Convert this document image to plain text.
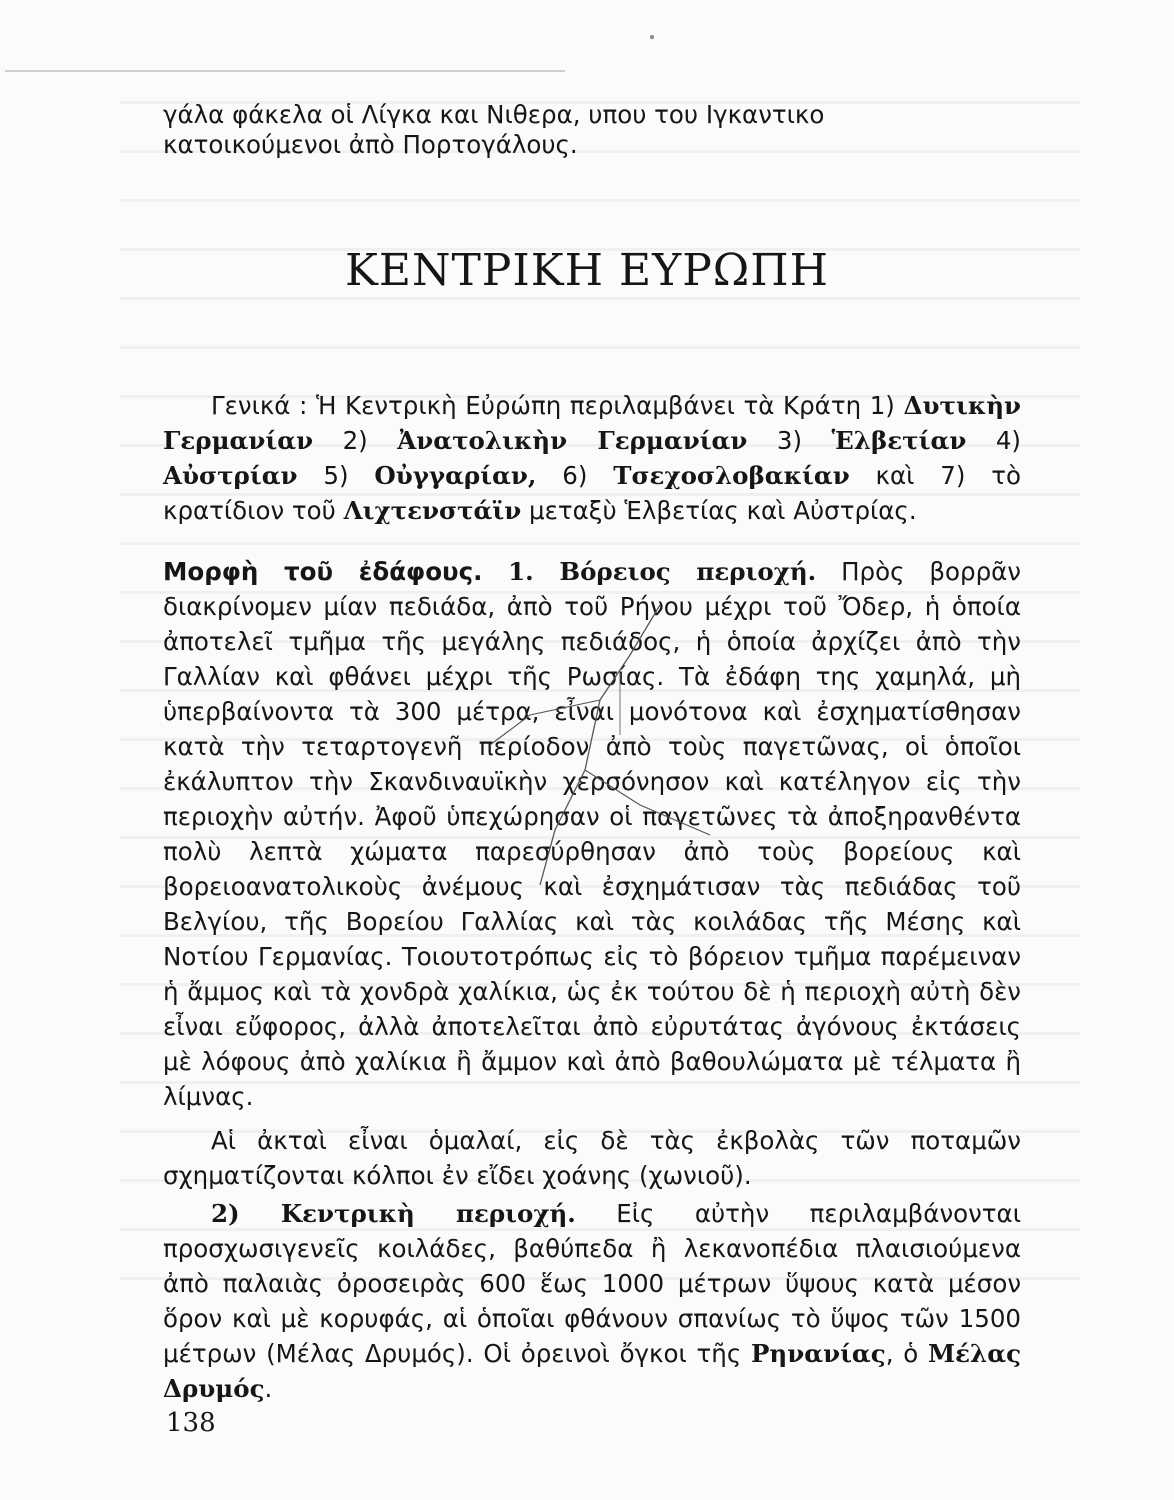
γάλα φάκελα οἱ Λίγκα και Νιθερα, υπου του Ιγκαντικο
κατοικούμενοι ἀπὸ Πορτογάλους.

ΚΕΝΤΡΙΚΗ ΕΥΡΩΠΗ

Γενικά : Ἡ Κεντρικὴ Εὐρώπη περιλαμβάνει τὰ Κράτη 1) Δυτικὴν Γερμανίαν 2) Ἀνατολικὴν Γερμανίαν 3) Ἑλβετίαν 4) Αὐστρίαν 5) Οὐγγαρίαν, 6) Τσεχοσλοβακίαν καὶ 7) τὸ κρατίδιον τοῦ Λιχτενστάϊν μεταξὺ Ἑλβετίας καὶ Αὐστρίας.

Μορφὴ τοῦ ἐδάφους. 1. Βόρειος περιοχή. Πρὸς βορρᾶν διακρίνομεν μίαν πεδιάδα, ἀπὸ τοῦ Ρήνου μέχρι τοῦ Ὄδερ, ἡ ὁποία ἀποτελεῖ τμῆμα τῆς μεγάλης πεδιάδος, ἡ ὁποία ἀρχίζει ἀπὸ τὴν Γαλλίαν καὶ φθάνει μέχρι τῆς Ρωσίας. Τὰ ἐδάφη της χαμηλά, μὴ ὑπερβαίνοντα τὰ 300 μέτρα, εἶναι μονότονα καὶ ἐσχηματίσθησαν κατὰ τὴν τεταρτογενῆ περίοδον ἀπὸ τοὺς παγετῶνας, οἱ ὁποῖοι ἐκάλυπτον τὴν Σκανδιναυϊκὴν χερσόνησον καὶ κατέληγον εἰς τὴν περιοχὴν αὐτήν. Ἀφοῦ ὑπεχώρησαν οἱ παγετῶνες τὰ ἀποξηρανθέντα πολὺ λεπτὰ χώματα παρεσύρθησαν ἀπὸ τοὺς βορείους καὶ βορειοανατολικοὺς ἀνέμους καὶ ἐσχημάτισαν τὰς πεδιάδας τοῦ Βελγίου, τῆς Βορείου Γαλλίας καὶ τὰς κοιλάδας τῆς Μέσης καὶ Νοτίου Γερμανίας. Τοιουτοτρόπως εἰς τὸ βόρειον τμῆμα παρέμειναν ἡ ἄμμος καὶ τὰ χονδρὰ χαλίκια, ὡς ἐκ τούτου δὲ ἡ περιοχὴ αὐτὴ δὲν εἶναι εὔφορος, ἀλλὰ ἀποτελεῖται ἀπὸ εὐρυτάτας ἀγόνους ἐκτάσεις μὲ λόφους ἀπὸ χαλίκια ἢ ἄμμον καὶ ἀπὸ βαθουλώματα μὲ τέλματα ἢ λίμνας.

Αἱ ἀκταὶ εἶναι ὁμαλαί, εἰς δὲ τὰς ἐκβολὰς τῶν ποταμῶν σχηματίζονται κόλποι ἐν εἴδει χοάνης (χωνιοῦ).

2) Κεντρικὴ περιοχή. Εἰς αὐτὴν περιλαμβάνονται προσχωσιγενεῖς κοιλάδες, βαθύπεδα ἢ λεκανοπέδια πλαισιούμενα ἀπὸ παλαιὰς ὀροσειρὰς 600 ἕως 1000 μέτρων ὕψους κατὰ μέσον ὅρον καὶ μὲ κορυφάς, αἱ ὁποῖαι φθάνουν σπανίως τὸ ὕψος τῶν 1500 μέτρων (Μέλας Δρυμός). Οἱ ὀρεινοὶ ὄγκοι τῆς Ρηνανίας, ὁ Μέλας Δρυμός.

138
